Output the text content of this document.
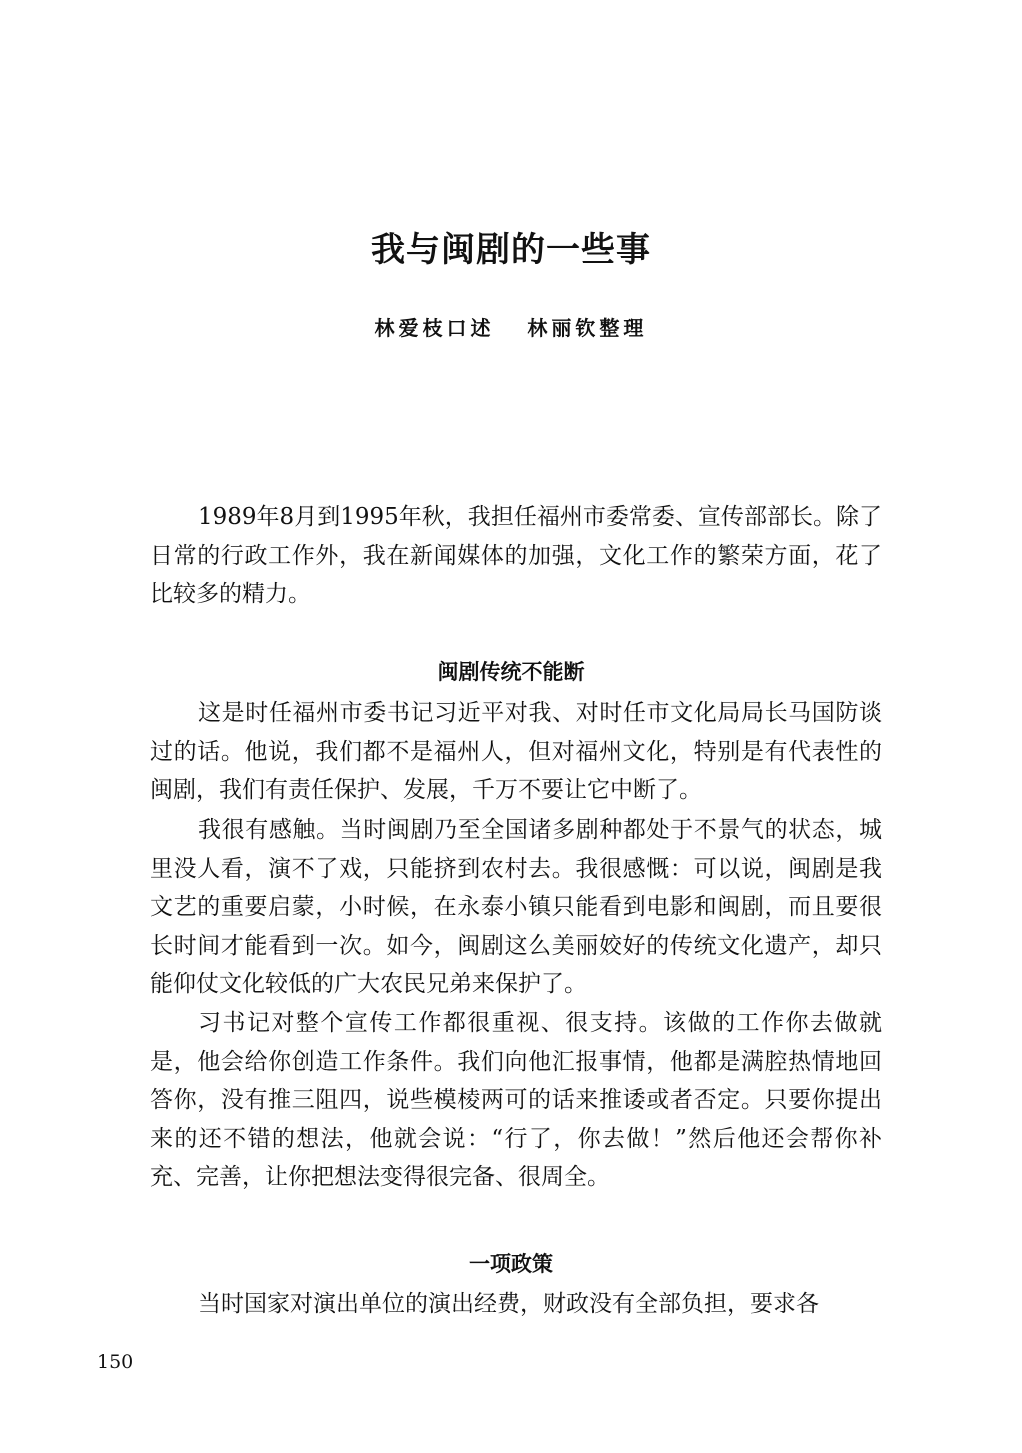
我与闽剧的一些事
林爱枝口述   林丽钦整理

1989年8月到1995年秋，我担任福州市委常委、宣传部部长。除了日常的行政工作外，我在新闻媒体的加强，文化工作的繁荣方面，花了比较多的精力。

闽剧传统不能断

这是时任福州市委书记习近平对我、对时任市文化局局长马国防谈过的话。他说，我们都不是福州人，但对福州文化，特别是有代表性的闽剧，我们有责任保护、发展，千万不要让它中断了。

我很有感触。当时闽剧乃至全国诸多剧种都处于不景气的状态，城里没人看，演不了戏，只能挤到农村去。我很感慨：可以说，闽剧是我文艺的重要启蒙，小时候，在永泰小镇只能看到电影和闽剧，而且要很长时间才能看到一次。如今，闽剧这么美丽姣好的传统文化遗产，却只能仰仗文化较低的广大农民兄弟来保护了。

习书记对整个宣传工作都很重视、很支持。该做的工作你去做就是，他会给你创造工作条件。我们向他汇报事情，他都是满腔热情地回答你，没有推三阻四，说些模棱两可的话来推诿或者否定。只要你提出来的还不错的想法，他就会说：“行了，你去做！”然后他还会帮你补充、完善，让你把想法变得很完备、很周全。

一项政策

当时国家对演出单位的演出经费，财政没有全部负担，要求各

150
